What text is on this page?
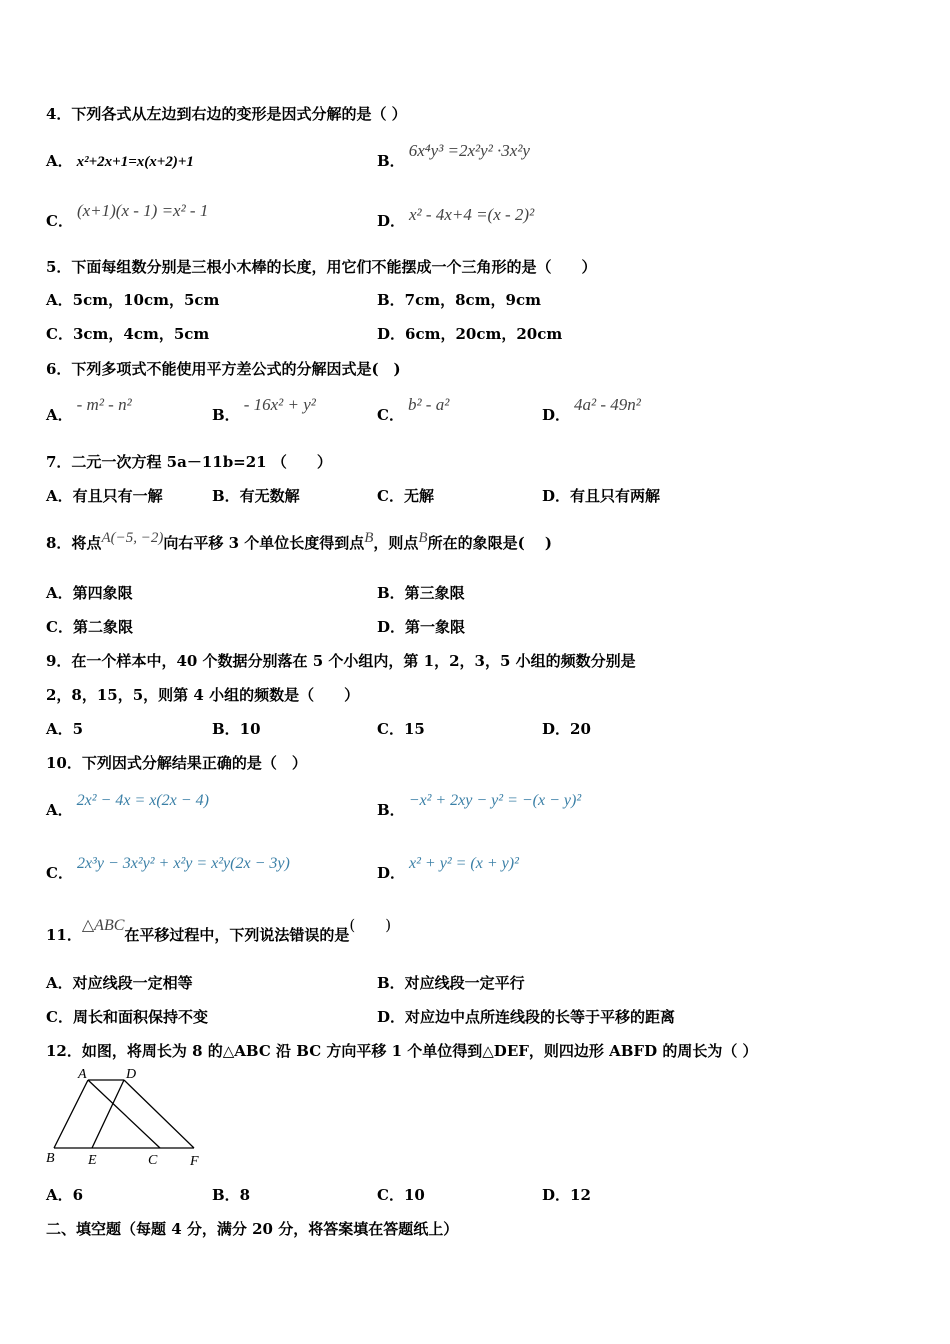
4．下列各式从左边到右边的变形是因式分解的是（ ）
A． x²+2x+1=x(x+2)+1	B．6x⁴y³ =2x²y² ·3x²y
C．(x+1)(x - 1) =x² - 1
D． x² - 4x+4 =(x - 2)²
5．下面每组数分别是三根小木棒的长度，用它们不能摆成一个三角形的是（　　）
A．5cm，10cm，5cm	B．7cm，8cm，9cm
C．3cm，4cm，5cm	D．6cm，20cm，20cm
6．下列多项式不能使用平方差公式的分解因式是(　)
A．- m² - n²
B．- 16x² + y²
C．b² - a²
D．4a² - 49n²
7．二元一次方程 5a－11b=21 （　　）
A．有且只有一解	B．有无数解	C．无解	D．有且只有两解
8．将点A(−5, −2)向右平移 3 个单位长度得到点B，则点B所在的象限是(　 )
A．第四象限	B．第三象限
C．第二象限	D．第一象限
9．在一个样本中，40 个数据分别落在 5 个小组内，第 1，2，3，5 小组的频数分别是
2，8，15，5，则第 4 小组的频数是（　　）
A．5	B．10	C．15	D．20
10．下列因式分解结果正确的是（　）
A．2x² − 4x = x(2x − 4)
B．−x² + 2xy − y² = −(x − y)²
C．2x³y − 3x²y² + x²y = x²y(2x − 3y)
D．x² + y² = (x + y)²
11．△ABC在平移过程中，下列说法错误的是(　　)
A．对应线段一定相等	B．对应线段一定平行
C．周长和面积保持不变	D．对应边中点所连线段的长等于平移的距离
12．如图，将周长为 8 的△ABC 沿 BC 方向平移 1 个单位得到△DEF，则四边形 ABFD 的周长为（ ）
A	D
B E	C F
A．6	B．8	C．10	D．12
二、填空题（每题 4 分，满分 20 分，将答案填在答题纸上）
